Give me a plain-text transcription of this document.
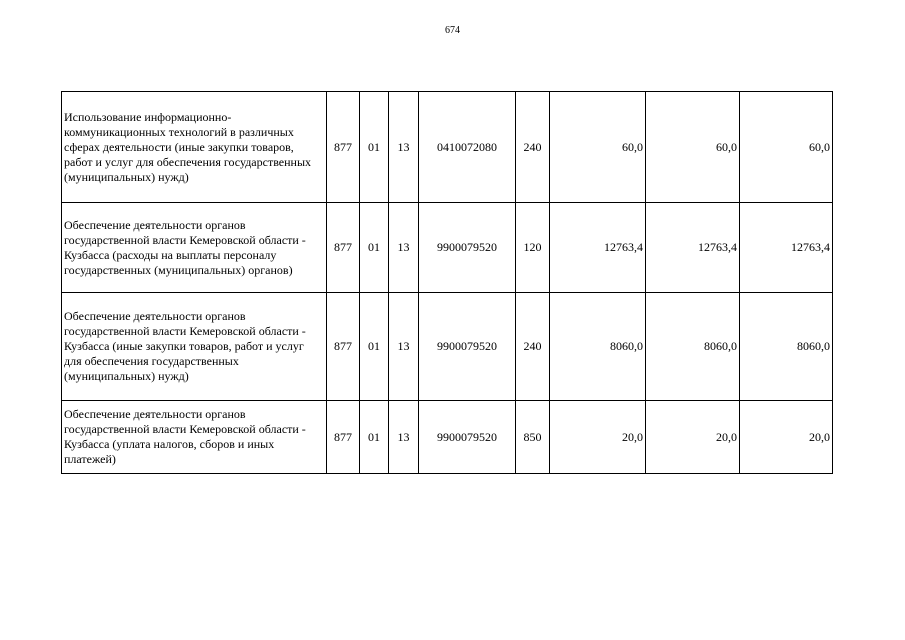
674
Использование информационно-коммуникационных технологий в различных сферах деятельности (иные закупки товаров, работ и услуг для обеспечения государственных (муниципальных) нужд)	877	01	13	0410072080	240	60,0	60,0	60,0
Обеспечение деятельности органов государственной власти Кемеровской области - Кузбасса (расходы на выплаты персоналу государственных (муниципальных) органов)	877	01	13	9900079520	120	12763,4	12763,4	12763,4
Обеспечение деятельности органов государственной власти Кемеровской области - Кузбасса (иные закупки товаров, работ и услуг для обеспечения государственных (муниципальных) нужд)	877	01	13	9900079520	240	8060,0	8060,0	8060,0
Обеспечение деятельности органов государственной власти Кемеровской области - Кузбасса (уплата налогов, сборов и иных платежей)	877	01	13	9900079520	850	20,0	20,0	20,0
